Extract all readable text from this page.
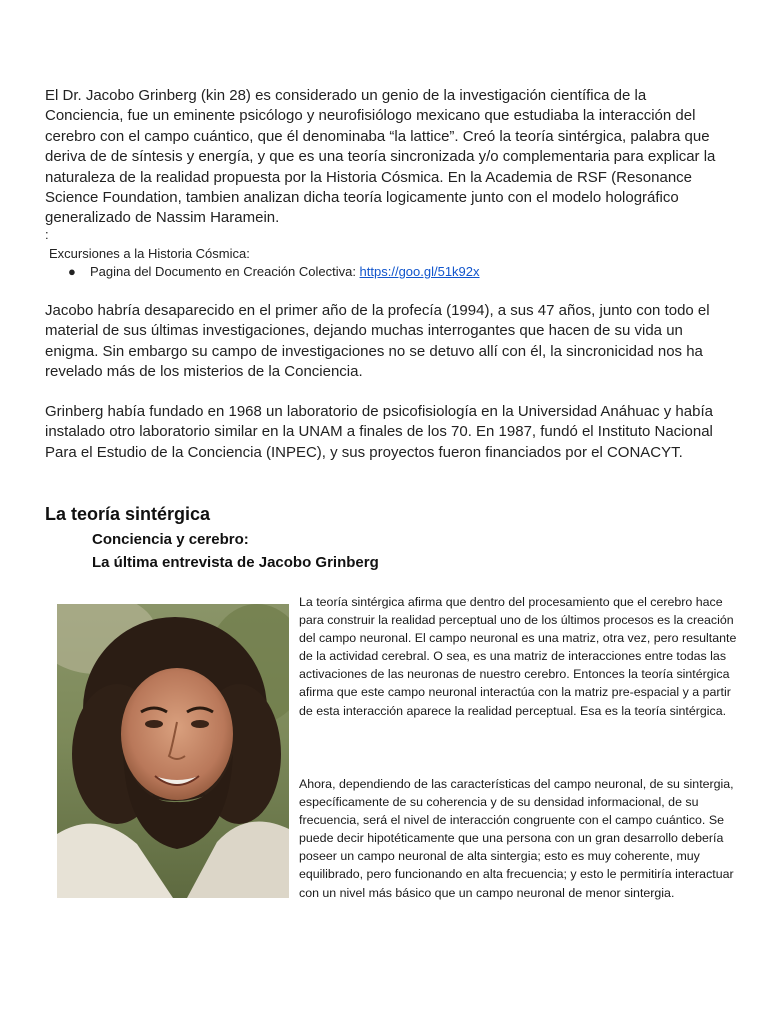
El Dr. Jacobo Grinberg (kin 28) es considerado un genio de la investigación científica de la Conciencia, fue un eminente psicólogo y neurofisiólogo mexicano que estudiaba la interacción del cerebro con el campo cuántico, que él denominaba “la lattice”. Creó la teoría sintérgica, palabra que deriva de de síntesis y energía, y que es una teoría sincronizada y/o complementaria para explicar la naturaleza de la realidad propuesta por la Historia Cósmica. En la Academia de RSF (Resonance Science Foundation, tambien analizan dicha teoría logicamente junto con el modelo holográfico generalizado de Nassim Haramein.

:
Excursiones a la Historia Cósmica:
● Pagina del Documento en Creación Colectiva: https://goo.gl/51k92x

Jacobo habría desaparecido en el primer año de la profecía (1994), a sus 47 años, junto con todo el material de sus últimas investigaciones, dejando muchas interrogantes que hacen de su vida un enigma. Sin embargo su campo de investigaciones no se detuvo allí con él, la sincronicidad nos ha revelado más de los misterios de la Conciencia.

Grinberg había fundado en 1968 un laboratorio de psicofisiología en la Universidad Anáhuac y había instalado otro laboratorio similar en la UNAM a finales de los 70. En 1987, fundó el Instituto Nacional Para el Estudio de la Conciencia (INPEC), y sus proyectos fueron financiados por el CONACYT.

La teoría sintérgica
Conciencia y cerebro:
La última entrevista de Jacobo Grinberg

La teoría sintérgica afirma que dentro del procesamiento que el cerebro hace para construir la realidad perceptual uno de los últimos procesos es la creación del campo neuronal. El campo neuronal es una matriz, otra vez, pero resultante de la actividad cerebral. O sea, es una matriz de interacciones entre todas las activaciones de las neuronas de nuestro cerebro. Entonces la teoría sintérgica afirma que este campo neuronal interactúa con la matriz pre-espacial y a partir de esta interacción aparece la realidad perceptual. Esa es la teoría sintérgica.

Ahora, dependiendo de las características del campo neuronal, de su sintergia, específicamente de su coherencia y de su densidad informacional, de su frecuencia, será el nivel de interacción congruente con el campo cuántico. Se puede decir hipotéticamente que una persona con un gran desarrollo debería poseer un campo neuronal de alta sintergia; esto es muy coherente, muy equilibrado, pero funcionando en alta frecuencia; y esto le permitiría interactuar con un nivel más básico que un campo neuronal de menor sintergia.
